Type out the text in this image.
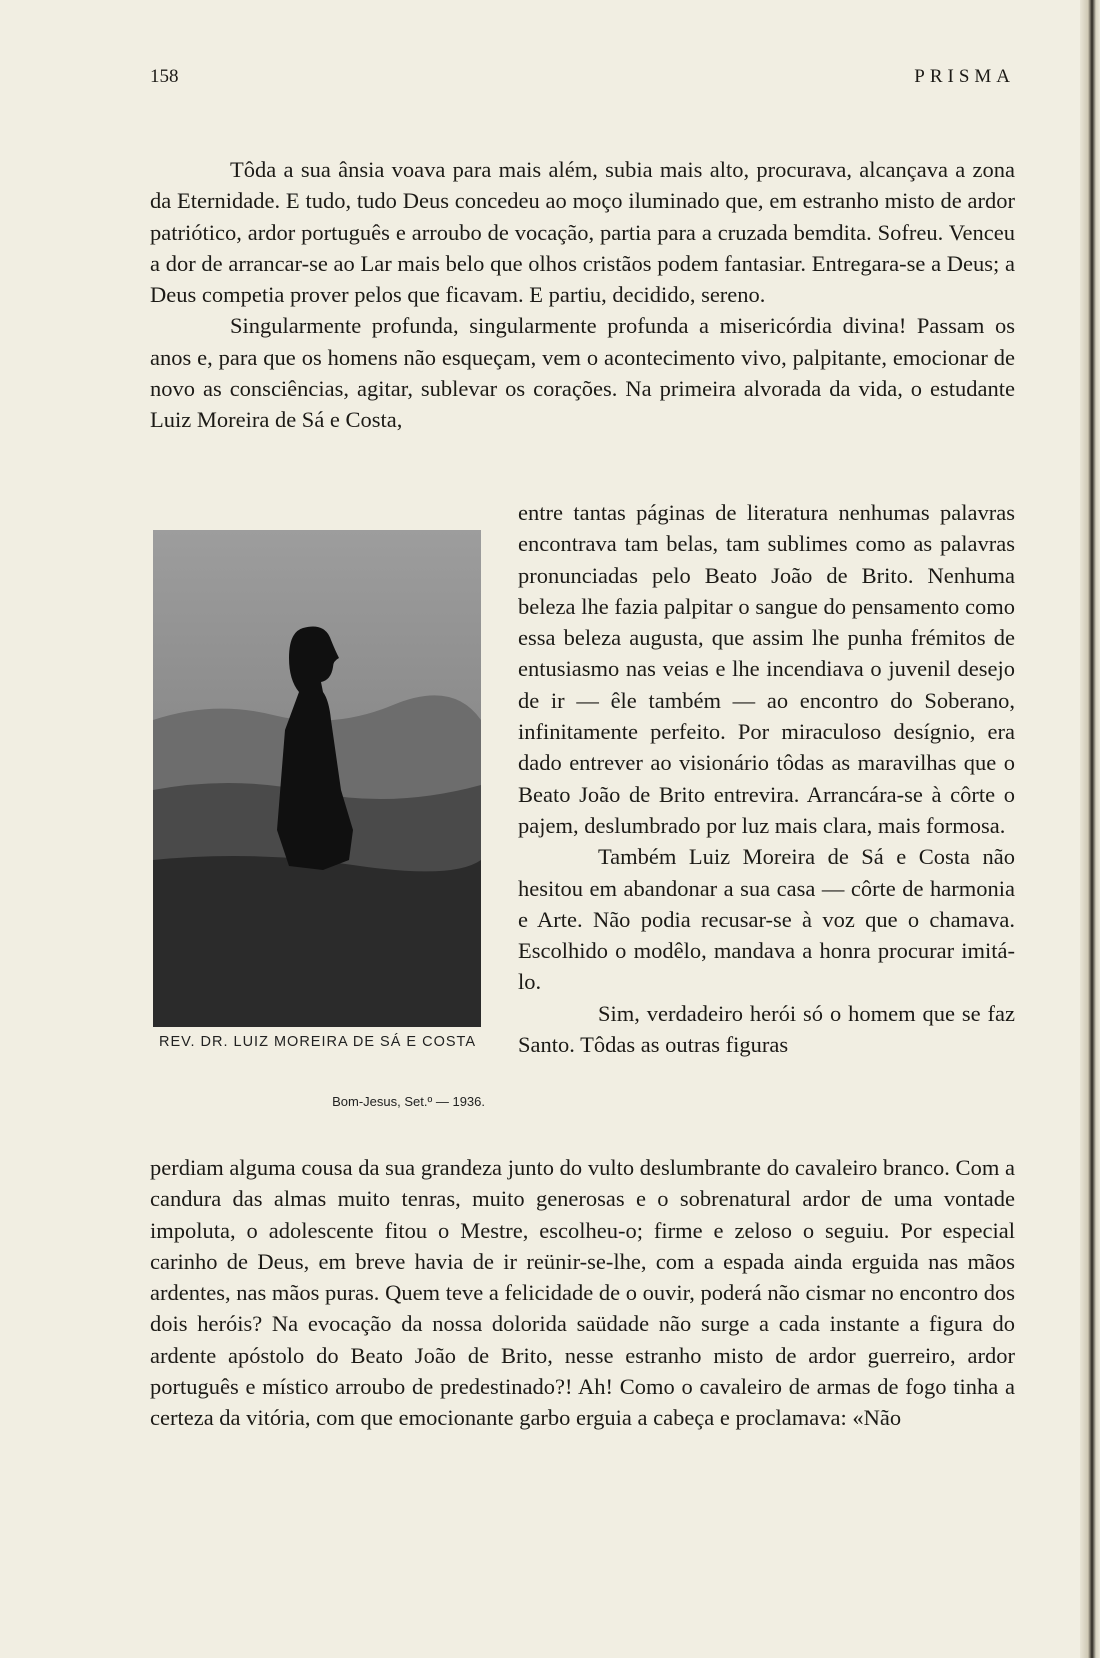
158	PRISMA

Tôda a sua ânsia voava para mais além, subia mais alto, procurava, alcançava a zona da Eternidade. E tudo, tudo Deus concedeu ao moço iluminado que, em estranho misto de ardor patriótico, ardor português e arroubo de vocação, partia para a cruzada bemdita. Sofreu. Venceu a dor de arrancar-se ao Lar mais belo que olhos cristãos podem fantasiar. Entregara-se a Deus; a Deus competia prover pelos que ficavam. E partiu, decidido, sereno.

Singularmente profunda, singularmente profunda a misericórdia divina! Passam os anos e, para que os homens não esqueçam, vem o acontecimento vivo, palpitante, emocionar de novo as consciências, agitar, sublevar os corações. Na primeira alvorada da vida, o estudante Luiz Moreira de Sá e Costa,

entre tantas páginas de literatura nenhumas palavras encontrava tam belas, tam sublimes como as palavras pronunciadas pelo Beato João de Brito. Nenhuma beleza lhe fazia palpitar o sangue do pensamento como essa beleza augusta, que assim lhe punha frémitos de entusiasmo nas veias e lhe incendiava o juvenil desejo de ir — êle também — ao encontro do Soberano, infinitamente perfeito. Por miraculoso desígnio, era dado entrever ao visionário tôdas as maravilhas que o Beato João de Brito entrevira. Arrancára-se à côrte o pajem, deslumbrado por luz mais clara, mais formosa.

Também Luiz Moreira de Sá e Costa não hesitou em abandonar a sua casa — côrte de harmonia e Arte. Não podia recusar-se à voz que o chamava. Escolhido o modêlo, mandava a honra procurar imitá-lo.

Sim, verdadeiro herói só o homem que se faz Santo. Tôdas as outras figuras

REV. DR. LUIZ MOREIRA DE SÁ E COSTA
Bom-Jesus, Set.º — 1936.

perdiam alguma cousa da sua grandeza junto do vulto deslumbrante do cavaleiro branco. Com a candura das almas muito tenras, muito generosas e o sobrenatural ardor de uma vontade impoluta, o adolescente fitou o Mestre, escolheu-o; firme e zeloso o seguiu. Por especial carinho de Deus, em breve havia de ir reünir-se-lhe, com a espada ainda erguida nas mãos ardentes, nas mãos puras. Quem teve a felicidade de o ouvir, poderá não cismar no encontro dos dois heróis? Na evocação da nossa dolorida saüdade não surge a cada instante a figura do ardente apóstolo do Beato João de Brito, nesse estranho misto de ardor guerreiro, ardor português e místico arroubo de predestinado?! Ah! Como o cavaleiro de armas de fogo tinha a certeza da vitória, com que emocionante garbo erguia a cabeça e proclamava: «Não
